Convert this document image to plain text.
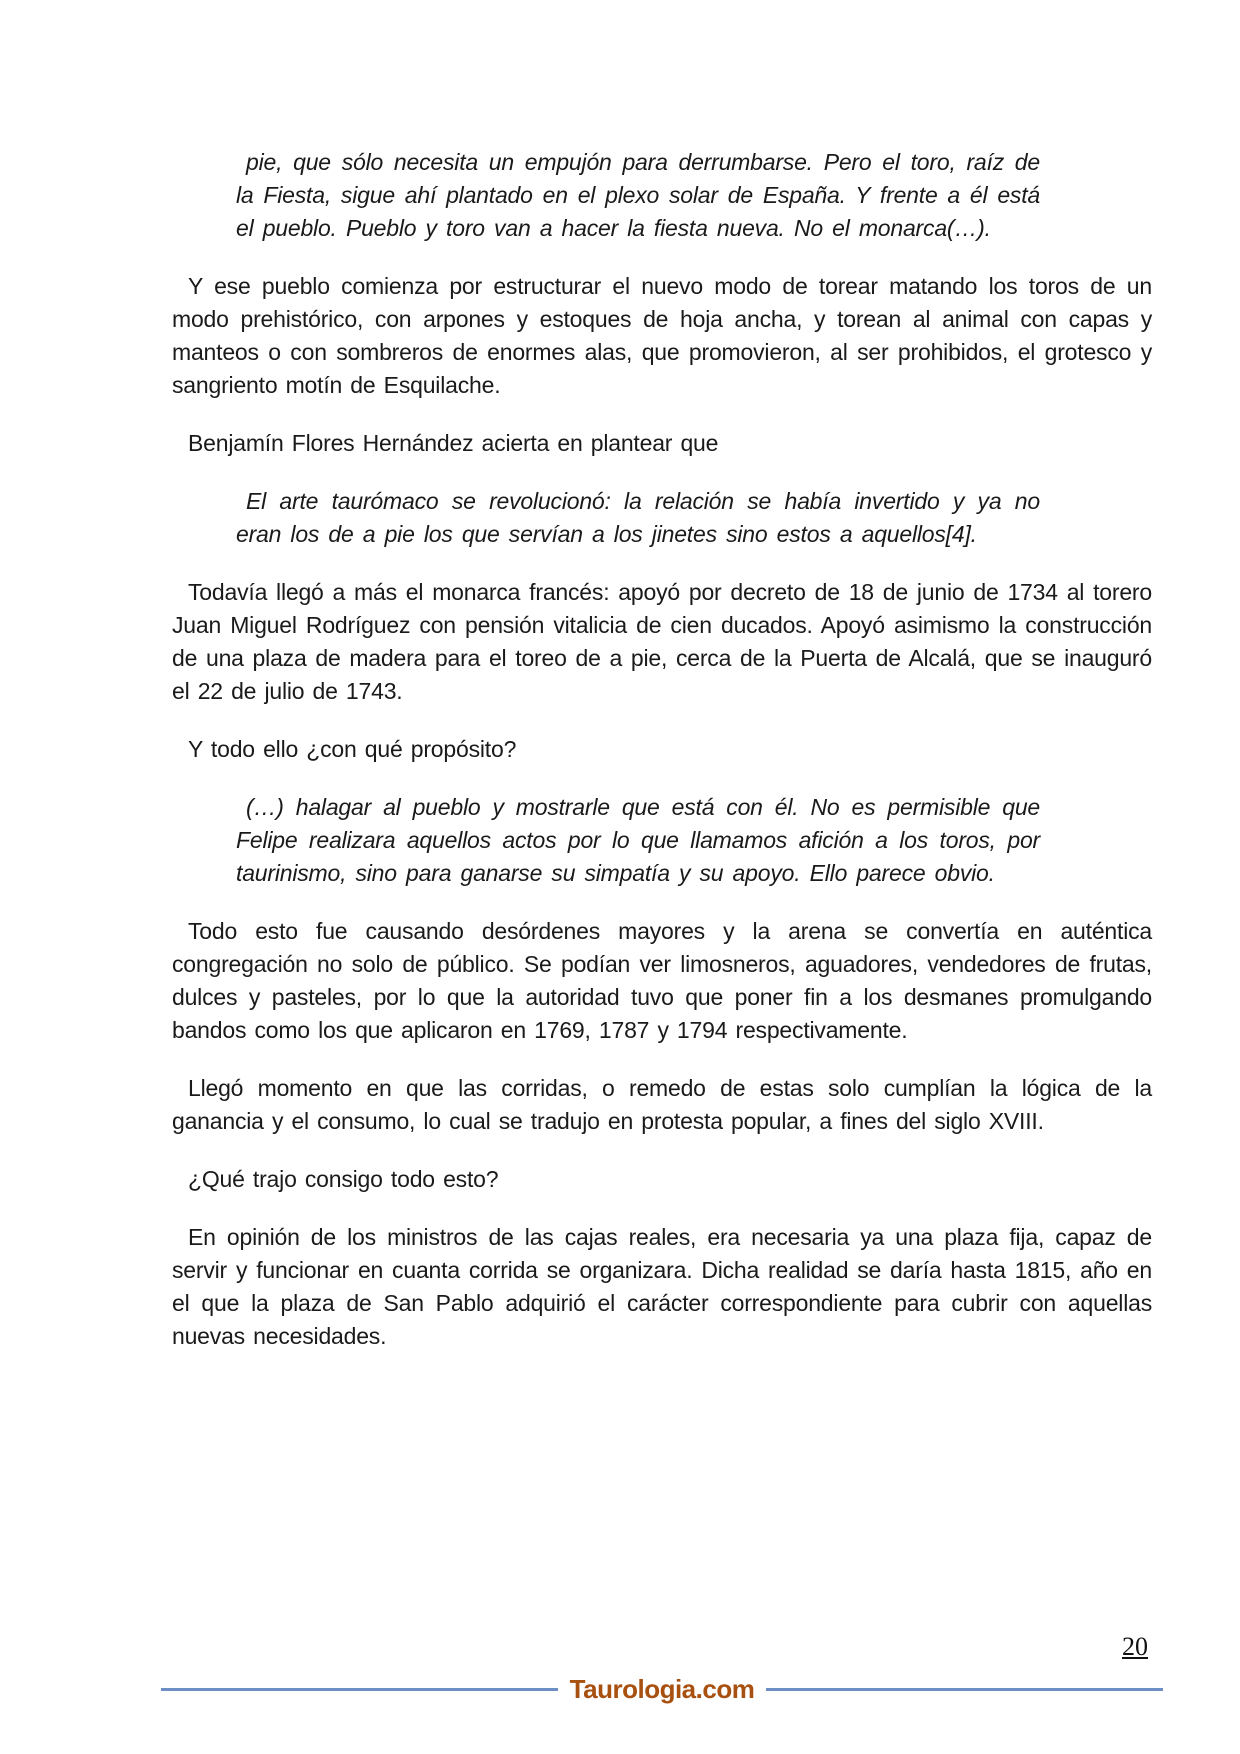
pie, que sólo necesita un empujón para derrumbarse. Pero el toro, raíz de la Fiesta, sigue ahí plantado en el plexo solar de España. Y frente a él está el pueblo. Pueblo y toro van a hacer la fiesta nueva. No el monarca(…).

Y ese pueblo comienza por estructurar el nuevo modo de torear matando los toros de un modo prehistórico, con arpones y estoques de hoja ancha, y torean al animal con capas y manteos o con sombreros de enormes alas, que promovieron, al ser prohibidos, el grotesco y sangriento motín de Esquilache.

Benjamín Flores Hernández acierta en plantear que

El arte taurómaco se revolucionó: la relación se había invertido y ya no eran los de a pie los que servían a los jinetes sino estos a aquellos[4].

Todavía llegó a más el monarca francés: apoyó por decreto de 18 de junio de 1734 al torero Juan Miguel Rodríguez con pensión vitalicia de cien ducados. Apoyó asimismo la construcción de una plaza de madera para el toreo de a pie, cerca de la Puerta de Alcalá, que se inauguró el 22 de julio de 1743.

Y todo ello ¿con qué propósito?

(…) halagar al pueblo y mostrarle que está con él. No es permisible que Felipe realizara aquellos actos por lo que llamamos afición a los toros, por taurinismo, sino para ganarse su simpatía y su apoyo. Ello parece obvio.

Todo esto fue causando desórdenes mayores y la arena se convertía en auténtica congregación no solo de público. Se podían ver limosneros, aguadores, vendedores de frutas, dulces y pasteles, por lo que la autoridad tuvo que poner fin a los desmanes promulgando bandos como los que aplicaron en 1769, 1787 y 1794 respectivamente.

Llegó momento en que las corridas, o remedo de estas solo cumplían la lógica de la ganancia y el consumo, lo cual se tradujo en protesta popular, a fines del siglo XVIII.

¿Qué trajo consigo todo esto?

En opinión de los ministros de las cajas reales, era necesaria ya una plaza fija, capaz de servir y funcionar en cuanta corrida se organizara. Dicha realidad se daría hasta 1815, año en el que la plaza de San Pablo adquirió el carácter correspondiente para cubrir con aquellas nuevas necesidades.

20
Taurologia.com
